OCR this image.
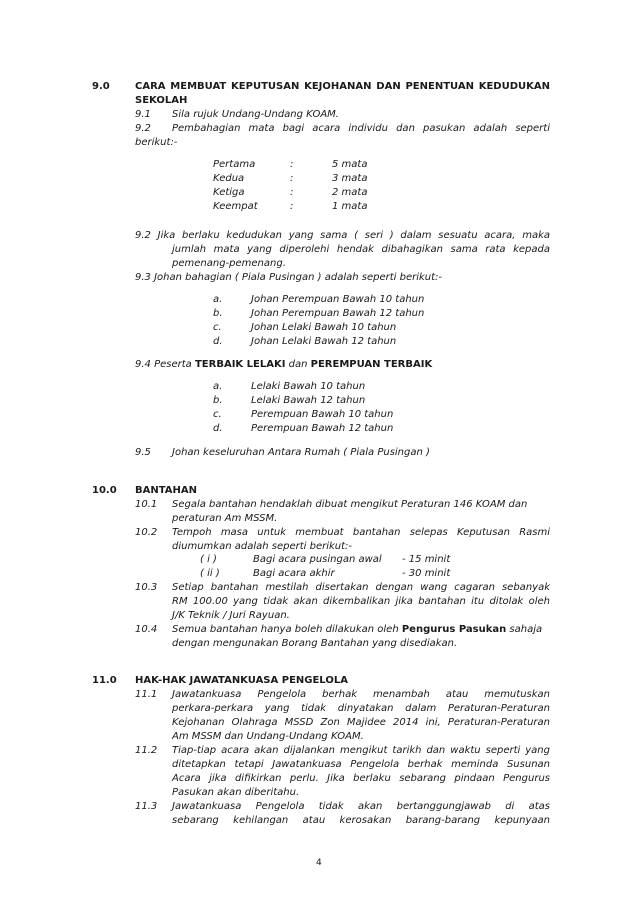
9.0	CARA MEMBUAT KEPUTUSAN KEJOHANAN DAN PENENTUAN KEDUDUKAN
SEKOLAH
9.1 Sila rujuk Undang-Undang KOAM.
9.2 Pembahagian mata bagi acara individu dan pasukan adalah seperti
berikut:-
Pertama	:	5 mata
Kedua	:	3 mata
Ketiga	:	2 mata
Keempat	:	1 mata
9.2 Jika berlaku kedudukan yang sama ( seri ) dalam sesuatu acara, maka
jumlah mata yang diperolehi hendak dibahagikan sama rata kepada
pemenang-pemenang.
9.3 Johan bahagian ( Piala Pusingan ) adalah seperti berikut:-
a.	Johan Perempuan Bawah 10 tahun
b.	Johan Perempuan Bawah 12 tahun
c.	Johan Lelaki Bawah 10 tahun
d.	Johan Lelaki Bawah 12 tahun
9.4 Peserta TERBAIK LELAKI dan PEREMPUAN TERBAIK
a.	Lelaki Bawah 10 tahun
b.	Lelaki Bawah 12 tahun
c.	Perempuan Bawah 10 tahun
d.	Perempuan Bawah 12 tahun
9.5 Johan keseluruhan Antara Rumah ( Piala Pusingan )
10.0 BANTAHAN
10.1 Segala bantahan hendaklah dibuat mengikut Peraturan 146 KOAM dan
peraturan Am MSSM.
10.2 Tempoh masa untuk membuat bantahan selepas Keputusan Rasmi
diumumkan adalah seperti berikut:-
( i )	Bagi acara pusingan awal - 15 minit
( ii )	Bagi acara akhir	- 30 minit
10.3 Setiap bantahan mestilah disertakan dengan wang cagaran sebanyak
RM 100.00 yang tidak akan dikembalikan jika bantahan itu ditolak oleh
J/K Teknik / Juri Rayuan.
10.4 Semua bantahan hanya boleh dilakukan oleh Pengurus Pasukan sahaja
dengan mengunakan Borang Bantahan yang disediakan.
11.0 HAK-HAK JAWATANKUASA PENGELOLA
11.1 Jawatankuasa Pengelola berhak menambah atau memutuskan
perkara-perkara yang tidak dinyatakan dalam Peraturan-Peraturan
Kejohanan Olahraga MSSD Zon Majidee 2014 ini, Peraturan-Peraturan
Am MSSM dan Undang-Undang KOAM.
11.2 Tiap-tiap acara akan dijalankan mengikut tarikh dan waktu seperti yang
ditetapkan tetapi Jawatankuasa Pengelola berhak meminda Susunan
Acara jika difikirkan perlu. Jika berlaku sebarang pindaan Pengurus
Pasukan akan diberitahu.
11.3 Jawatankuasa Pengelola tidak akan bertanggungjawab di atas
sebarang kehilangan atau kerosakan barang-barang kepunyaan
4
